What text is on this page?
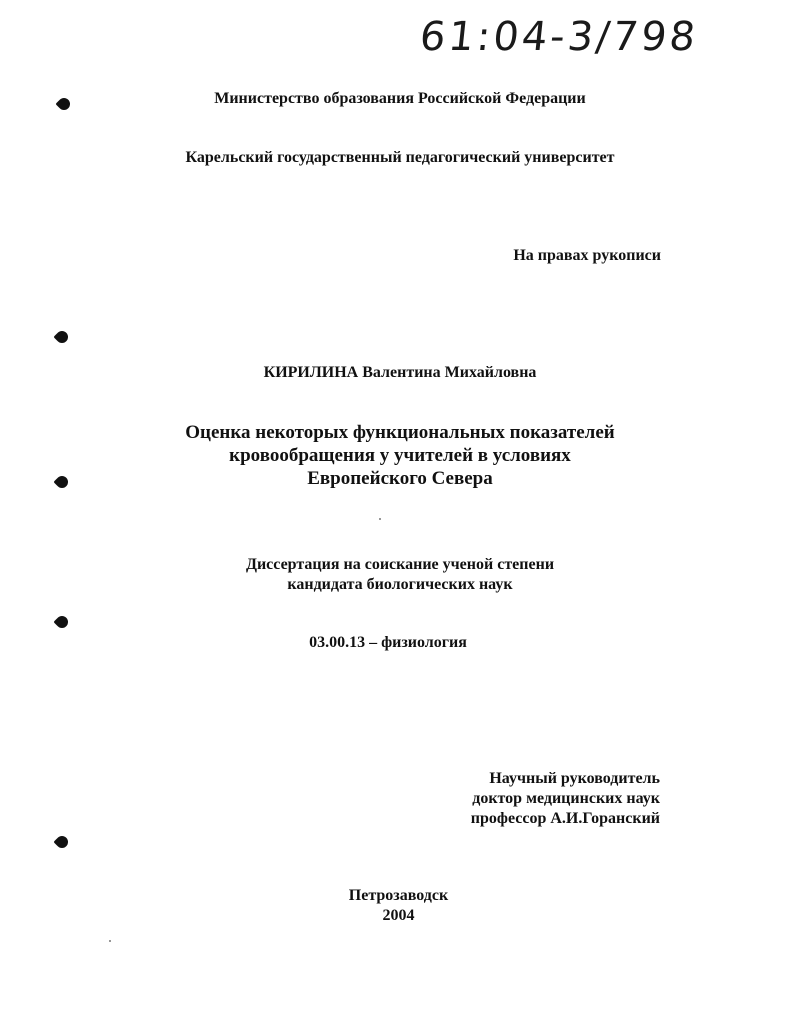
61:04-3/798

Министерство образования Российской Федерации

Карельский государственный педагогический университет

На правах рукописи

КИРИЛИНА Валентина Михайловна

Оценка некоторых функциональных показателей

кровообращения у учителей в условиях

Европейского Севера

Диссертация на соискание ученой степени

кандидата биологических наук

03.00.13 – физиология

Научный руководитель

доктор медицинских наук

профессор А.И.Горанский

Петрозаводск

2004
